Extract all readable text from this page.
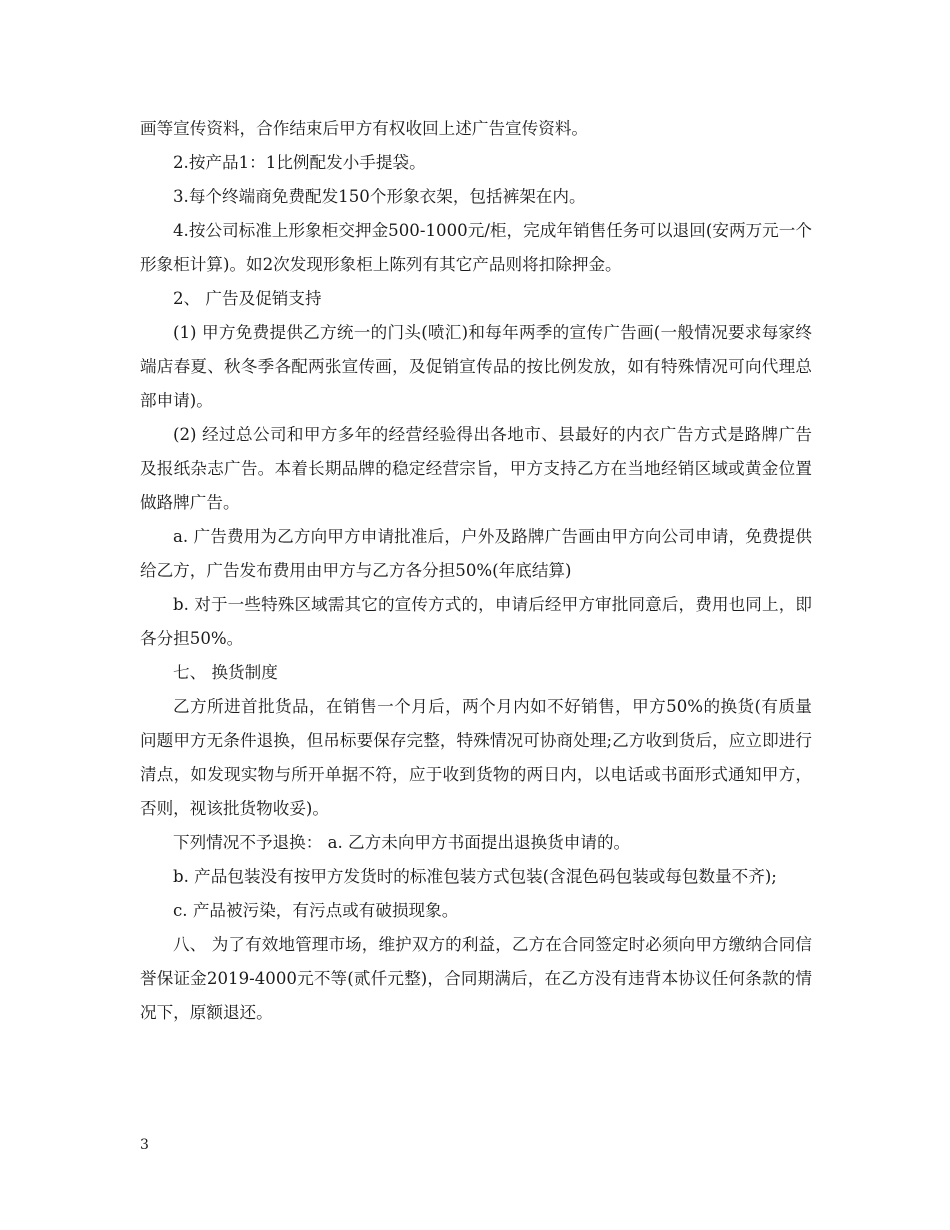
画等宣传资料，合作结束后甲方有权收回上述广告宣传资料。

2.按产品1：1比例配发小手提袋。

3.每个终端商免费配发150个形象衣架，包括裤架在内。

4.按公司标准上形象柜交押金500-1000元/柜，完成年销售任务可以退回(安两万元一个形象柜计算)。如2次发现形象柜上陈列有其它产品则将扣除押金。

2、 广告及促销支持

(1) 甲方免费提供乙方统一的门头(喷汇)和每年两季的宣传广告画(一般情况要求每家终端店春夏、秋冬季各配两张宣传画，及促销宣传品的按比例发放，如有特殊情况可向代理总部申请)。

(2) 经过总公司和甲方多年的经营经验得出各地市、县最好的内衣广告方式是路牌广告及报纸杂志广告。本着长期品牌的稳定经营宗旨，甲方支持乙方在当地经销区域或黄金位置做路牌广告。

a. 广告费用为乙方向甲方申请批准后，户外及路牌广告画由甲方向公司申请，免费提供给乙方，广告发布费用由甲方与乙方各分担50%(年底结算)

b. 对于一些特殊区域需其它的宣传方式的，申请后经甲方审批同意后，费用也同上，即各分担50%。

七、 换货制度

乙方所进首批货品，在销售一个月后，两个月内如不好销售，甲方50%的换货(有质量问题甲方无条件退换，但吊标要保存完整，特殊情况可协商处理;乙方收到货后，应立即进行清点，如发现实物与所开单据不符，应于收到货物的两日内，以电话或书面形式通知甲方，否则，视该批货物收妥)。

下列情况不予退换： a. 乙方未向甲方书面提出退换货申请的。

b. 产品包装没有按甲方发货时的标准包装方式包装(含混色码包装或每包数量不齐);

c. 产品被污染，有污点或有破损现象。

八、 为了有效地管理市场，维护双方的利益，乙方在合同签定时必须向甲方缴纳合同信誉保证金2019-4000元不等(贰仟元整)，合同期满后，在乙方没有违背本协议任何条款的情况下，原额退还。

3
